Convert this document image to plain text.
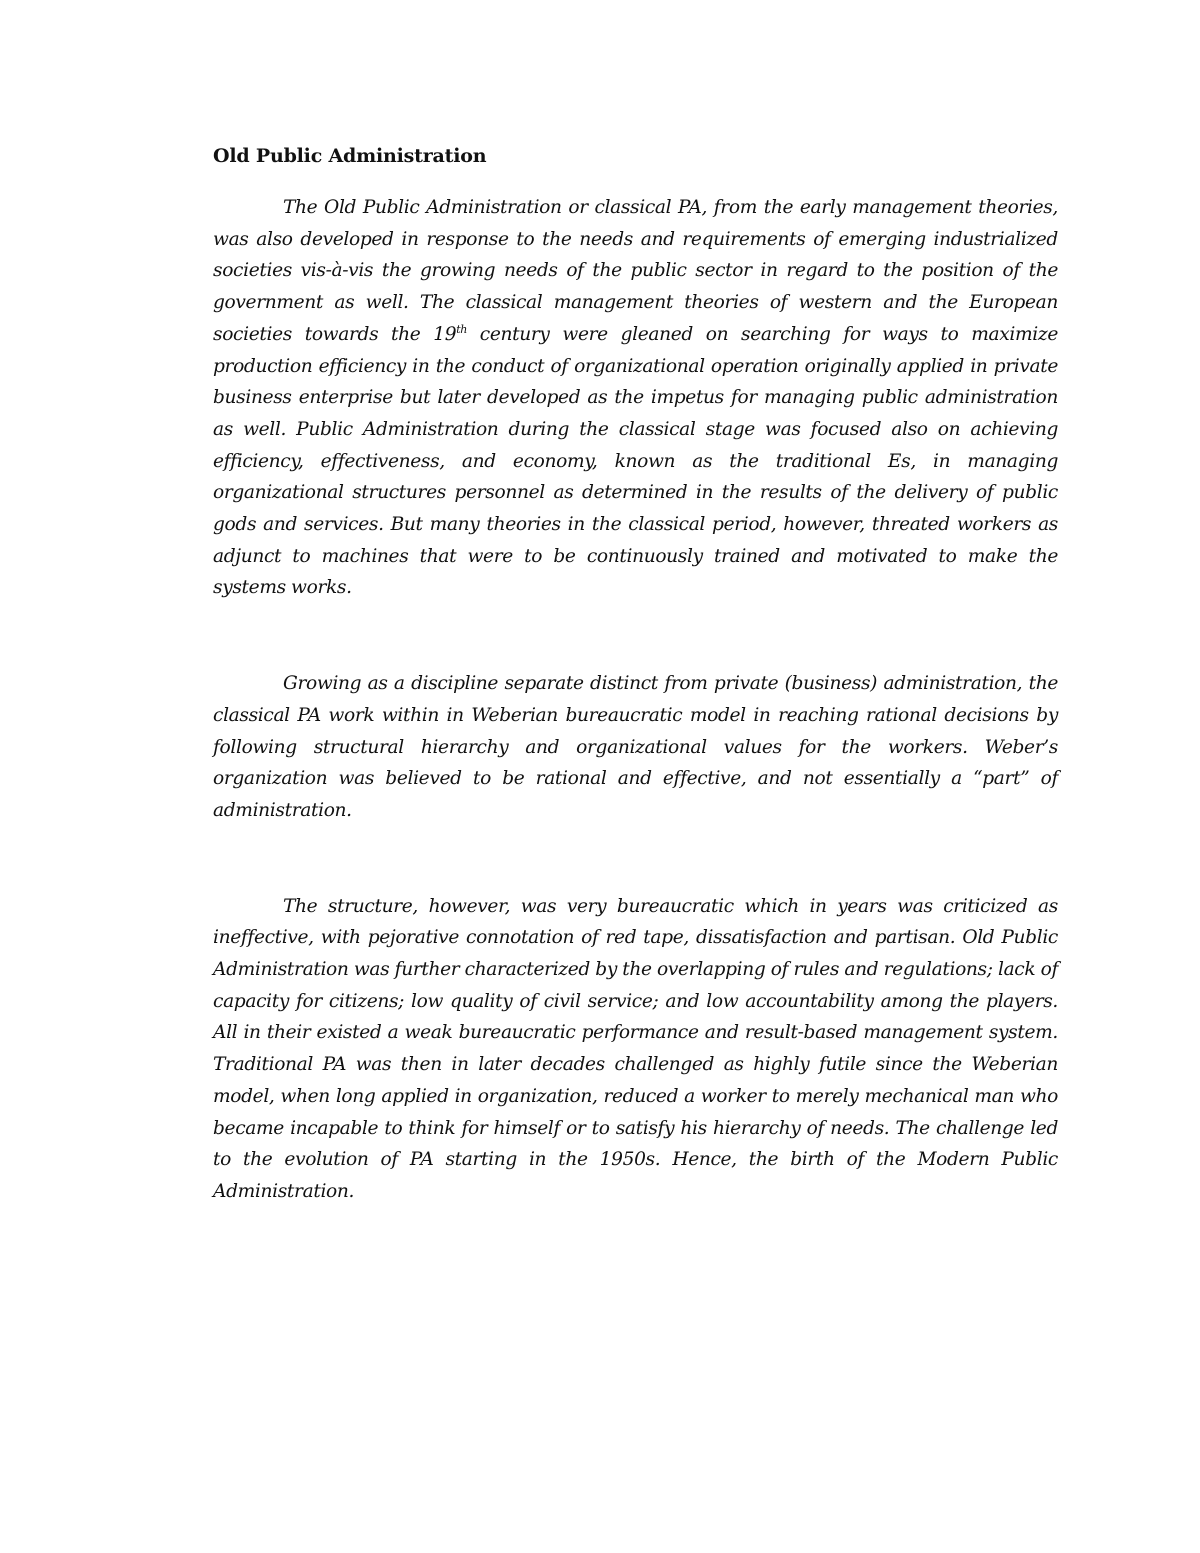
Old Public Administration

The Old Public Administration or classical PA, from the early management theories, was also developed in response to the needs and requirements of emerging industrialized societies vis-à-vis the growing needs of the public sector in regard to the position of the government as well. The classical management theories of western and the European societies towards the 19th century were gleaned on searching for ways to maximize production efficiency in the conduct of organizational operation originally applied in private business enterprise but later developed as the impetus for managing public administration as well. Public Administration during the classical stage was focused also on achieving efficiency, effectiveness, and economy, known as the traditional Es, in managing organizational structures personnel as determined in the results of the delivery of public gods and services. But many theories in the classical period, however, threated workers as adjunct to machines that were to be continuously trained and motivated to make the systems works.

Growing as a discipline separate distinct from private (business) administration, the classical PA work within in Weberian bureaucratic model in reaching rational decisions by following structural hierarchy and organizational values for the workers. Weber’s organization was believed to be rational and effective, and not essentially a “part” of administration.

The structure, however, was very bureaucratic which in years was criticized as ineffective, with pejorative connotation of red tape, dissatisfaction and partisan. Old Public Administration was further characterized by the overlapping of rules and regulations; lack of capacity for citizens; low quality of civil service; and low accountability among the players. All in their existed a weak bureaucratic performance and result-based management system. Traditional PA was then in later decades challenged as highly futile since the Weberian model, when long applied in organization, reduced a worker to merely mechanical man who became incapable to think for himself or to satisfy his hierarchy of needs. The challenge led to the evolution of PA starting in the 1950s. Hence, the birth of the Modern Public Administration.
